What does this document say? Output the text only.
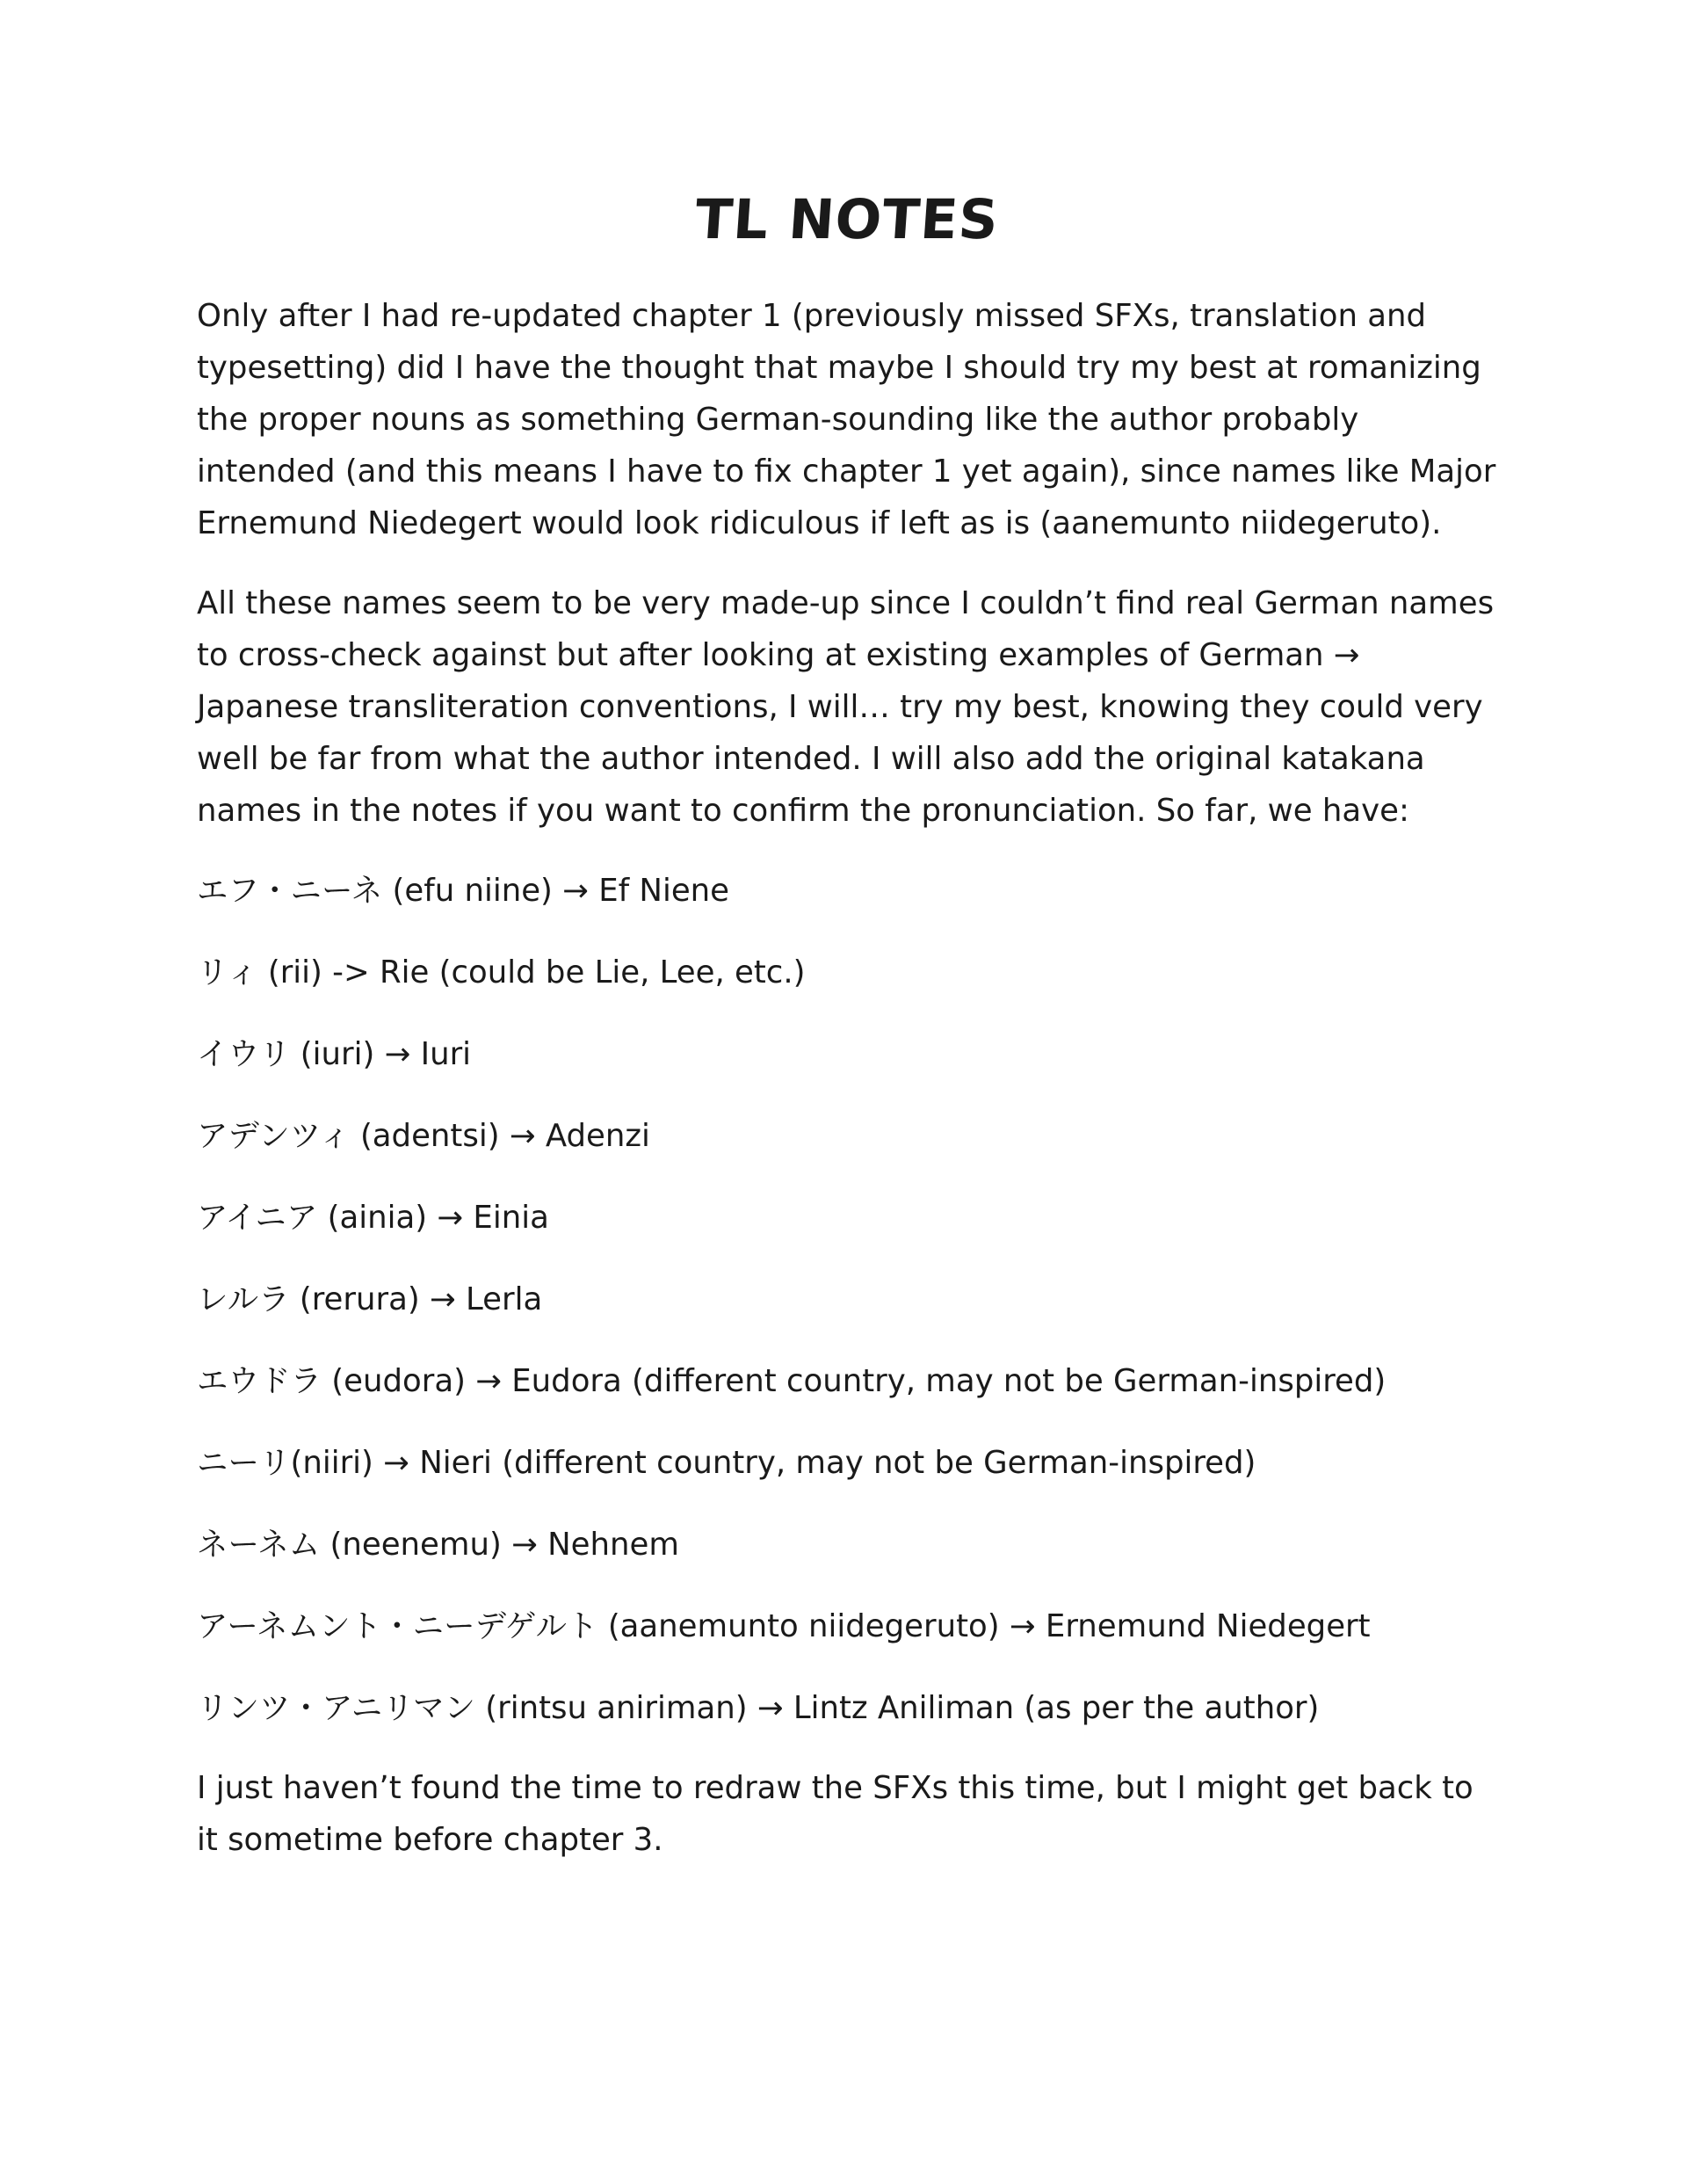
TL NOTES

Only after I had re-updated chapter 1 (previously missed SFXs, translation and typesetting) did I have the thought that maybe I should try my best at romanizing the proper nouns as something German-sounding like the author probably intended (and this means I have to fix chapter 1 yet again), since names like Major Ernemund Niedegert would look ridiculous if left as is (aanemunto niidegeruto).

All these names seem to be very made-up since I couldn’t find real German names to cross-check against but after looking at existing examples of German → Japanese transliteration conventions, I will… try my best, knowing they could very well be far from what the author intended. I will also add the original katakana names in the notes if you want to confirm the pronunciation. So far, we have:

エフ・ニーネ (efu niine) → Ef Niene
リィ (rii) -> Rie (could be Lie, Lee, etc.)
イウリ (iuri) → Iuri
アデンツィ (adentsi) → Adenzi
アイニア (ainia) → Einia
レルラ (rerura) → Lerla
エウドラ (eudora) → Eudora (different country, may not be German-inspired)
ニーリ(niiri) → Nieri (different country, may not be German-inspired)
ネーネム (neenemu) → Nehnem
アーネムント・ニーデゲルト (aanemunto niidegeruto) → Ernemund Niedegert
リンツ・アニリマン (rintsu aniriman) → Lintz Aniliman (as per the author)

I just haven’t found the time to redraw the SFXs this time, but I might get back to it sometime before chapter 3.
